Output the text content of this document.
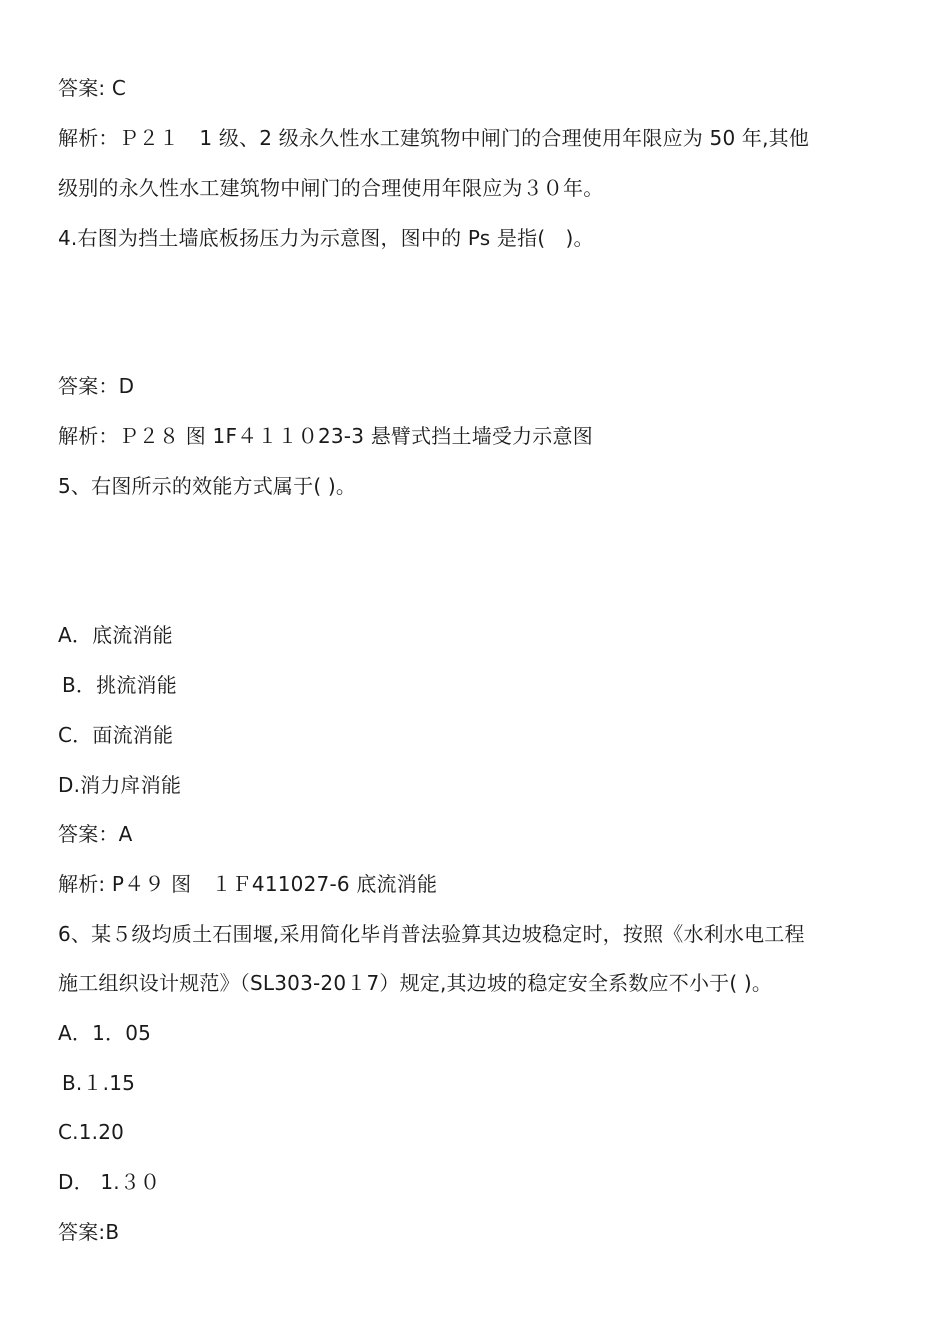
答案: C
解析：Ｐ２１　1 级、2 级永久性水工建筑物中闸门的合理使用年限应为 50 年,其他
级别的永久性水工建筑物中闸门的合理使用年限应为３０年。
4.右图为挡土墙底板扬压力为示意图，图中的 Ps 是指(　)。
答案：D
解析：Ｐ２８ 图 1F４１１０23-3 悬臂式挡土墙受力示意图
5、右图所示的效能方式属于( )。
A．底流消能
B．挑流消能
C．面流消能
D.消力戽消能
答案：A
解析: P４９ 图　１Ｆ411027-6 底流消能
6、某５级均质土石围堰,采用简化毕肖普法验算其边坡稳定时，按照《水利水电工程
施工组织设计规范》（SL303-20１7）规定,其边坡的稳定安全系数应不小于( )。
A．1．05
B.１.15
C.1.20
D． 1.３０
答案:B
